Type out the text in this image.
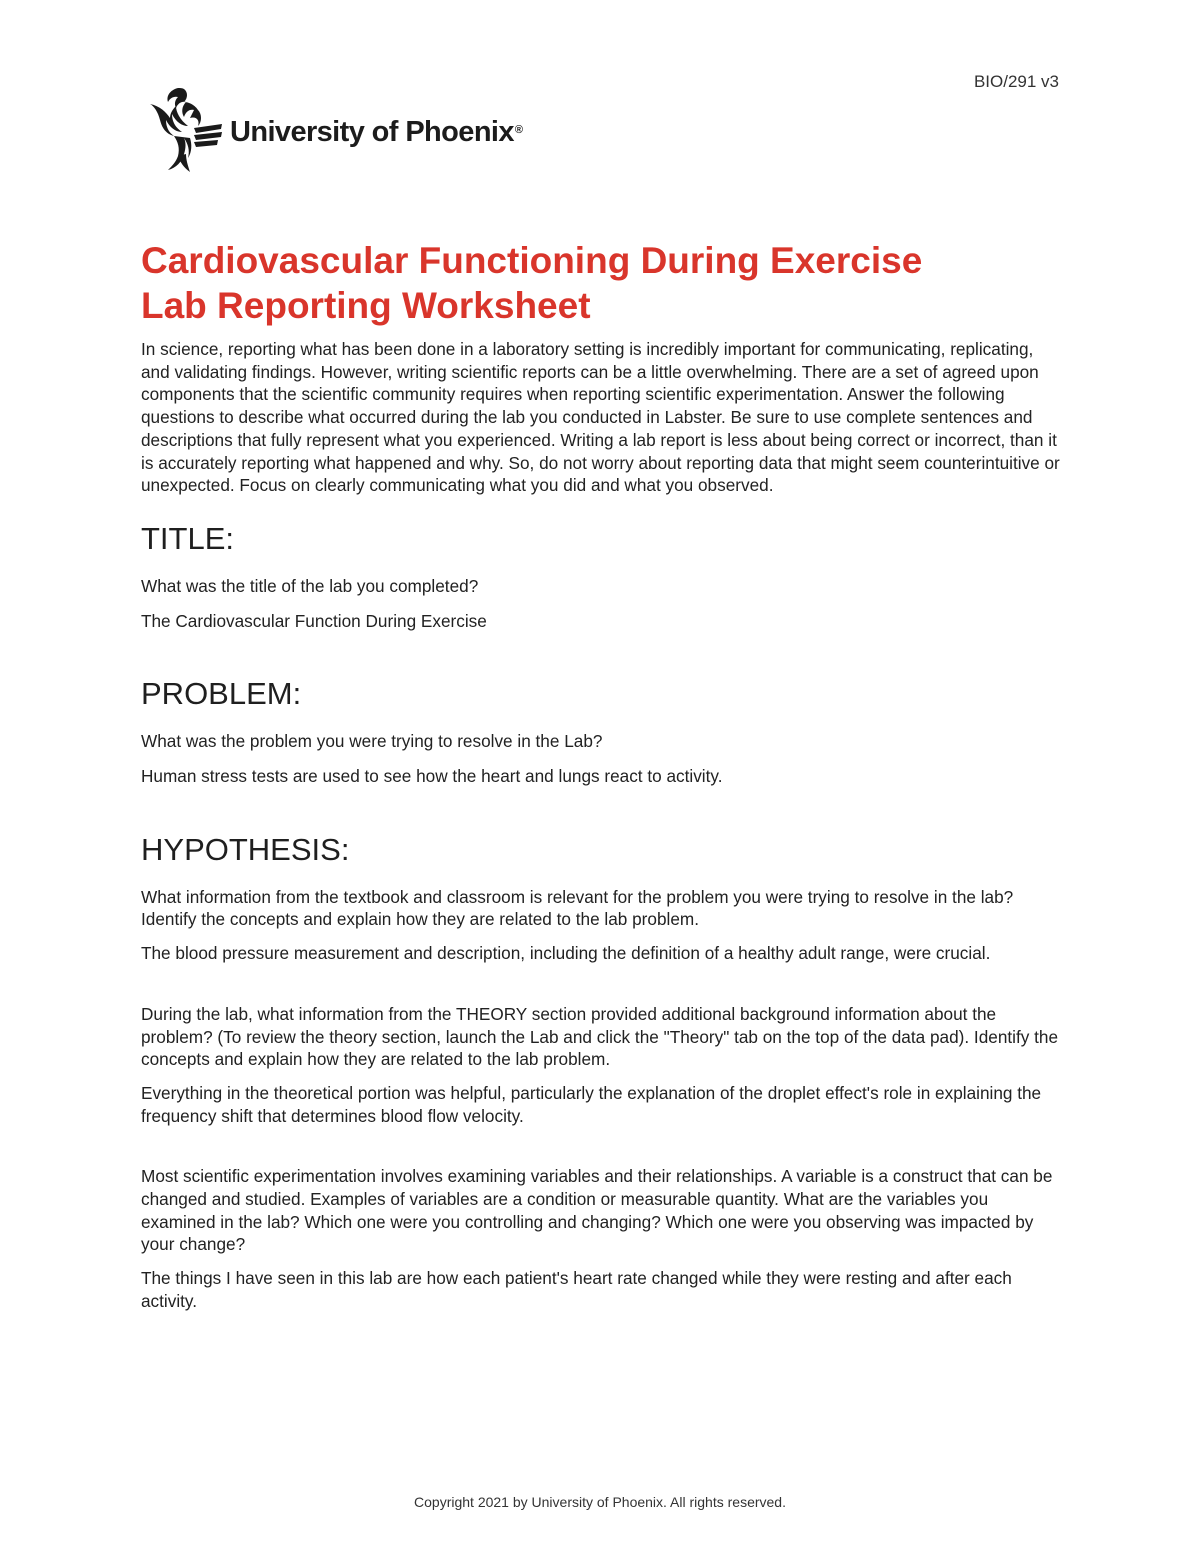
BIO/291 v3
University of Phoenix®
Cardiovascular Functioning During Exercise
Lab Reporting Worksheet

In science, reporting what has been done in a laboratory setting is incredibly important for communicating, replicating, and validating findings. However, writing scientific reports can be a little overwhelming. There are a set of agreed upon components that the scientific community requires when reporting scientific experimentation. Answer the following questions to describe what occurred during the lab you conducted in Labster. Be sure to use complete sentences and descriptions that fully represent what you experienced. Writing a lab report is less about being correct or incorrect, than it is accurately reporting what happened and why. So, do not worry about reporting data that might seem counterintuitive or unexpected. Focus on clearly communicating what you did and what you observed.

TITLE:

What was the title of the lab you completed?

The Cardiovascular Function During Exercise

PROBLEM:

What was the problem you were trying to resolve in the Lab?

Human stress tests are used to see how the heart and lungs react to activity.

HYPOTHESIS:

What information from the textbook and classroom is relevant for the problem you were trying to resolve in the lab? Identify the concepts and explain how they are related to the lab problem.

The blood pressure measurement and description, including the definition of a healthy adult range, were crucial.

During the lab, what information from the THEORY section provided additional background information about the problem? (To review the theory section, launch the Lab and click the "Theory" tab on the top of the data pad). Identify the concepts and explain how they are related to the lab problem.

Everything in the theoretical portion was helpful, particularly the explanation of the droplet effect's role in explaining the frequency shift that determines blood flow velocity.

Most scientific experimentation involves examining variables and their relationships. A variable is a construct that can be changed and studied. Examples of variables are a condition or measurable quantity. What are the variables you examined in the lab? Which one were you controlling and changing? Which one were you observing was impacted by your change?

The things I have seen in this lab are how each patient's heart rate changed while they were resting and after each activity.

Copyright 2021 by University of Phoenix. All rights reserved.
